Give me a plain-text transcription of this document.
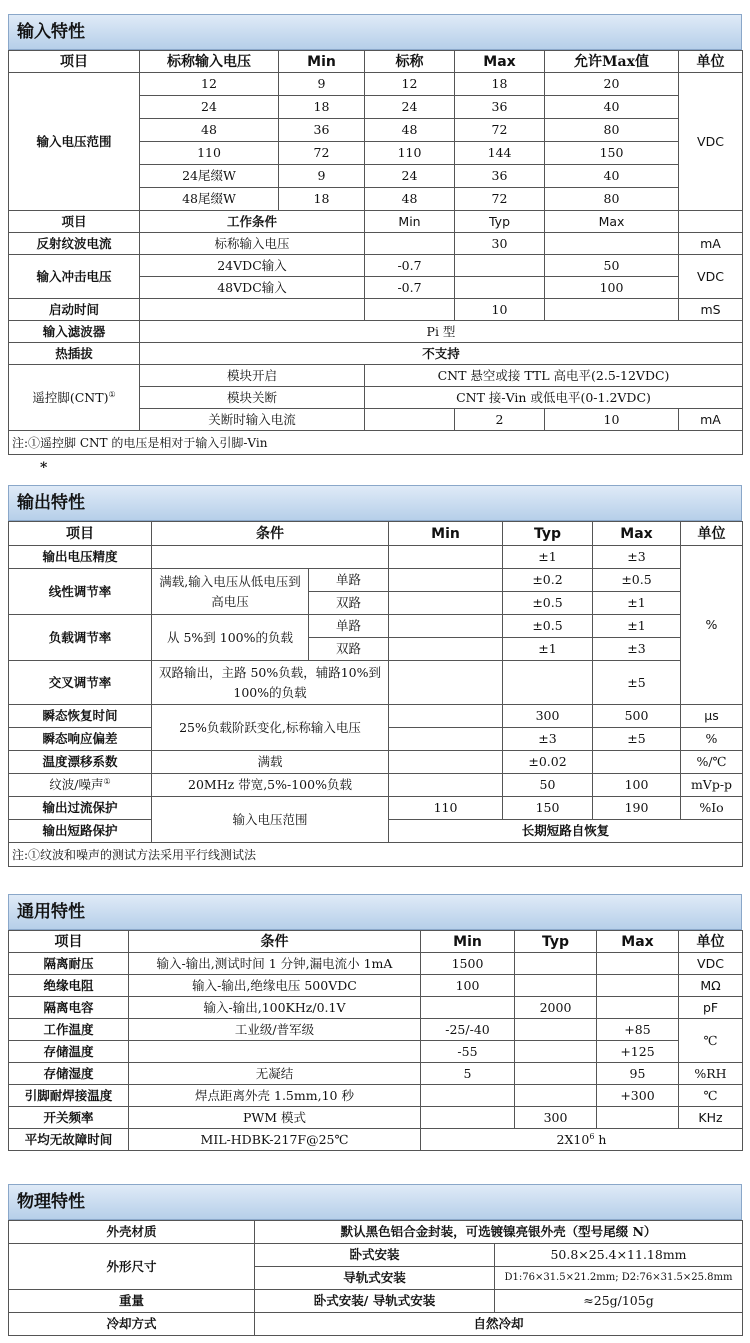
输入特性
项目	标称输入电压	Min	标称	Max	允许Max值	单位
输入电压范围	12	9	12	18	20	VDC
	24	18	24	36	40	
	48	36	48	72	80	
	110	72	110	144	150	
	24尾缀W	9	24	36	40	
	48尾缀W	18	48	72	80	
项目	工作条件		Min	Typ	Max	
反射纹波电流	标称输入电压			30		mA
输入冲击电压	24VDC输入		-0.7		50	VDC
	48VDC输入		-0.7		100	
启动时间				10		mS
输入滤波器	Pi 型					
热插拔	不支持					
遥控脚(CNT)①	模块开启		CNT 悬空或接 TTL 高电平(2.5-12VDC)			
	模块关断		CNT 接-Vin 或低电平(0-1.2VDC)			
	关断时输入电流			2	10	mA
注:①遥控脚 CNT 的电压是相对于输入引脚-Vin						
*
输出特性
项目	条件		Min	Typ	Max	单位
输出电压精度				±1	±3	%
线性调节率	满载,输入电压从低电压到高电压	单路		±0.2	±0.5	
		双路		±0.5	±1	
负载调节率	从 5%到 100%的负载	单路		±0.5	±1	
		双路		±1	±3	
交叉调节率	双路输出，主路 50%负载，辅路10%到 100%的负载				±5	
瞬态恢复时间	25%负载阶跃变化,标称输入电压			300	500	μs
瞬态响应偏差				±3	±5	%
温度漂移系数	满载			±0.02		%/℃
纹波/噪声①	20MHz 带宽,5%-100%负载			50	100	mVp-p
输出过流保护	输入电压范围		110	150	190	%Io
输出短路保护			长期短路自恢复			
注:①纹波和噪声的测试方法采用平行线测试法						
通用特性
项目	条件	Min	Typ	Max	单位
隔离耐压	输入-输出,测试时间 1 分钟,漏电流小 1mA	1500			VDC
绝缘电阻	输入-输出,绝缘电压 500VDC	100			MΩ
隔离电容	输入-输出,100KHz/0.1V		2000		pF
工作温度	工业级/普军级	-25/-40		+85	℃
存储温度		-55		+125	
存储湿度	无凝结	5		95	%RH
引脚耐焊接温度	焊点距离外壳 1.5mm,10 秒			+300	℃
开关频率	PWM 模式		300		KHz
平均无故障时间	MIL-HDBK-217F@25℃	$2X10^6$ h			
物理特性
外壳材质	默认黑色铝合金封装，可选镀镍亮银外壳（型号尾缀 N）	
外形尺寸	卧式安装	50.8×25.4×11.18mm
	导轨式安装	D1:76×31.5×21.2mm; D2:76×31.5×25.8mm
重量	卧式安装/ 导轨式安装	≈25g/105g
冷却方式	自然冷却	
